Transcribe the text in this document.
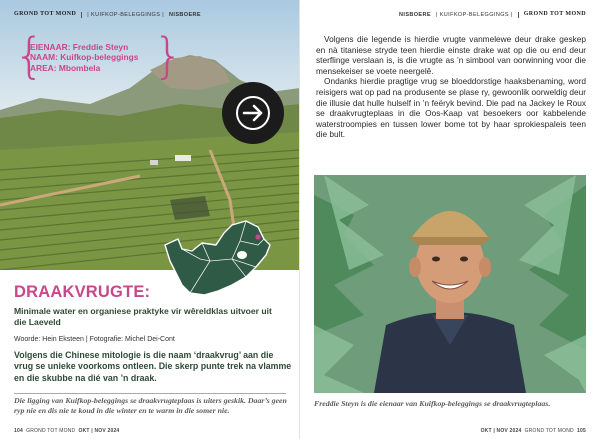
GROND TOT MOND	| KUIFKOP-BELEGGINGS | NISBOERE
{
EIENAAR: Freddie Steyn
NAAM: Kuifkop-beleggings
AREA: Mbombela	}
DRAAKVRUGTE:
Minimale water en organiese praktyke vir wêreldklas uitvoer uit die Laeveld
Woorde: Hein Eksteen | Fotografie: Michel Dei-Cont
Volgens die Chinese mitologie is die naam ‘draakvrug’ aan die vrug se unieke voorkoms ontleen. Die skerp punte trek na vlamme en die skubbe na dié van ’n draak.
Die ligging van Kuifkop-beleggings se draakvrugteplaas is uiters geskik. Daar’s geen ryp nie en dis nie te koud in die winter en te warm in die somer nie.
104 GROND TOT MOND OKT | NOV 2024
NISBOERE | KUIFKOP-BELEGGINGS |	GROND TOT MOND

Volgens die legende is hierdie vrugte vanmelewe deur drake geskep en nà titaniese stryde teen hierdie einste drake wat op die ou end deur sterflinge verslaan is, is die vrugte as ’n simbool van oorwinning voor die mensekeiser se voete neergelê.

Ondanks hierdie pragtige vrug se bloeddorstige haaksbenaming, word reisigers wat op pad na produsente se plase ry, gewoonlik oorweldig deur die illusie dat hulle hulself in ’n feëryk bevind. Die pad na Jackey le Roux se draakvrugteplaas in die Oos-Kaap vat besoekers oor kabbelende waterstroompies en tussen lower bome tot by haar sprokiespaleis teen die bult.

Freddie Steyn is die eienaar van Kuifkop-beleggings se draakvrugteplaas.
OKT | NOV 2024 GROND TOT MOND 105
